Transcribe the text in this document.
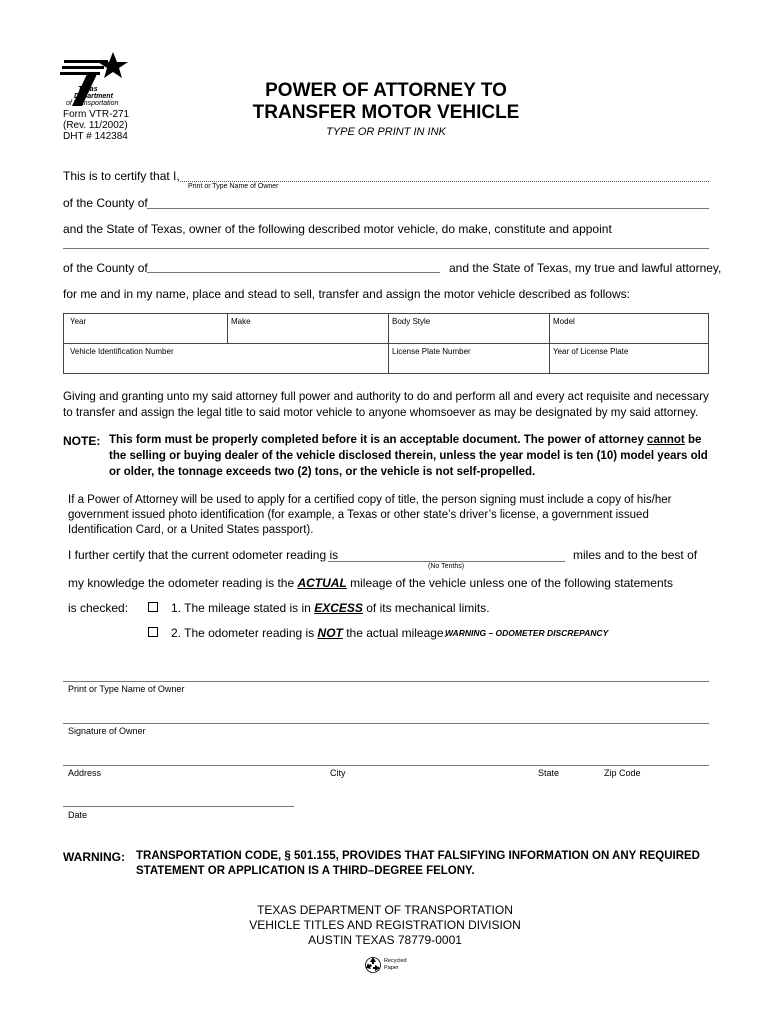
Texas
Department
of Transportation
Form VTR-271
(Rev. 11/2002)
DHT # 142384
POWER OF ATTORNEY TO
TRANSFER MOTOR VEHICLE
TYPE OR PRINT IN INK
This is to certify that I,
Print or Type Name of Owner
of the County of
and the State of Texas, owner of the following described motor vehicle, do make, constitute and appoint
of the County of	and the State of Texas, my true and lawful attorney,
for me and in my name, place and stead to sell, transfer and assign the motor vehicle described as follows:
Year	Make	Body Style	Model
Vehicle Identification Number	License Plate Number	Year of License Plate
Giving and granting unto my said attorney full power and authority to do and perform all and every act requisite and necessary
to transfer and assign the legal title to said motor vehicle to anyone whomsoever as may be designated by my said attorney.
NOTE: This form must be properly completed before it is an acceptable document. The power of attorney cannot be
the selling or buying dealer of the vehicle disclosed therein, unless the year model is ten (10) model years old
or older, the tonnage exceeds two (2) tons, or the vehicle is not self-propelled.
If a Power of Attorney will be used to apply for a certified copy of title, the person signing must include a copy of his/her
government issued photo identification (for example, a Texas or other state’s driver’s license, a government issued
Identification Card, or a United States passport).
I further certify that the current odometer reading is
(No Tenths)
miles and to the best of
my knowledge the odometer reading is the ACTUAL mileage of the vehicle unless one of the following statements
is checked:	1. The mileage stated is in EXCESS of its mechanical limits.
2. The odometer reading is NOT the actual mileage.
WARNING – ODOMETER DISCREPANCY
Print or Type Name of Owner
Signature of Owner
Address	City	State	Zip Code
Date
WARNING: TRANSPORTATION CODE, § 501.155, PROVIDES THAT FALSIFYING INFORMATION ON ANY REQUIRED
STATEMENT OR APPLICATION IS A THIRD–DEGREE FELONY.
TEXAS DEPARTMENT OF TRANSPORTATION
VEHICLE TITLES AND REGISTRATION DIVISION
AUSTIN TEXAS 78779-0001
Recycled
Paper
